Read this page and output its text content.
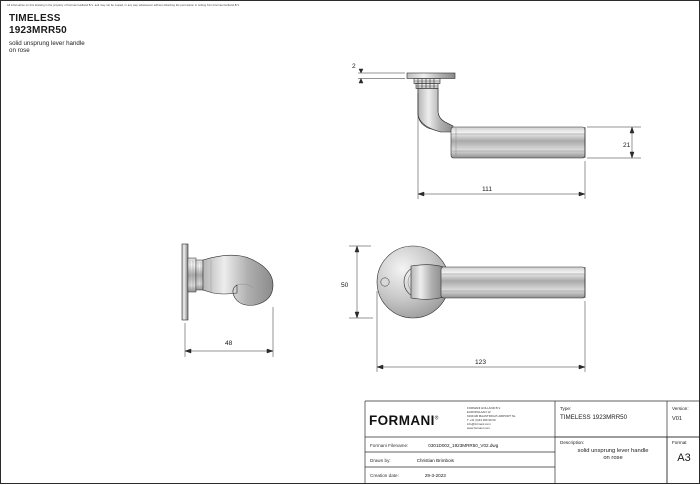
All information on this drawing is the property of Formani Holland B.V. and may not be copied, in any way whatsoever without obtaining the permission in writing from Formani Holland B.V.
TIMELESS
1923MRR50
solid unsprung lever handle
on rose
111
21
2
50
123
48
FORMANI®
FORMANI HOLLAND B.V.
EUROPALAAN 12
6199 AB MAASTRICHT-AIRPORT NL
T +31 (0)43 366 99 00
info@formani.com
www.formani.com
Type:
TIMELESS 1923MRR50
Version:
V01
Description:
solid unsprung lever handle
on rose
Format
A3
Formani Filename:	0301D002_1923MRR50_V02.dwg
Drawn by:	Christian Brimbois
Creation date:	29-3-2023
